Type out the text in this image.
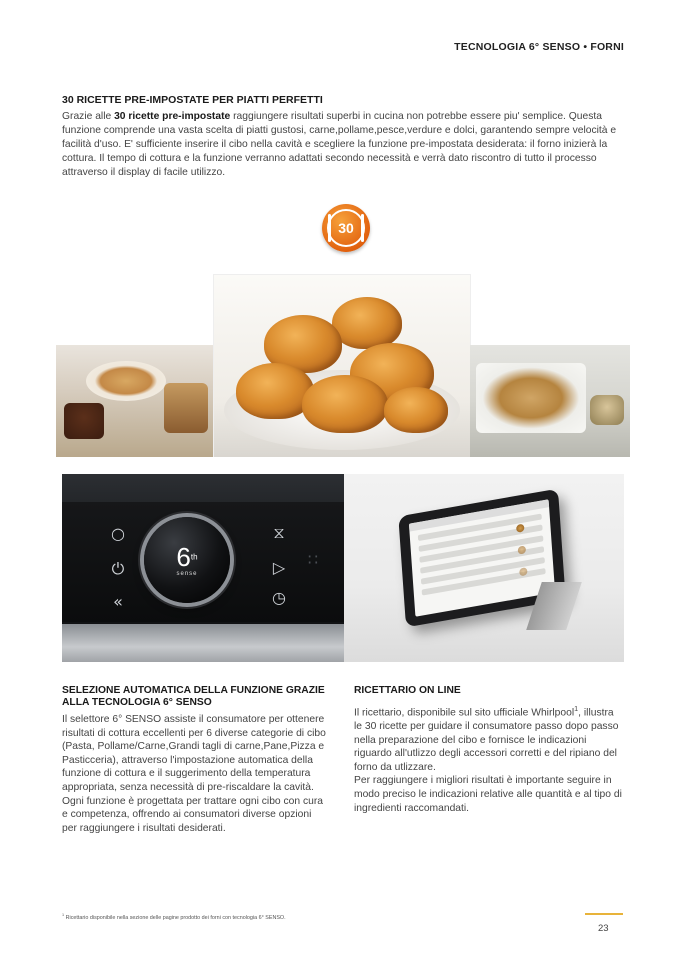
TECNOLOGIA 6° SENSO • FORNI
30 RICETTE PRE-IMPOSTATE PER PIATTI PERFETTI
Grazie alle 30 ricette pre-impostate raggiungere risultati superbi in cucina non potrebbe essere piu' semplice. Questa funzione comprende una vasta scelta di piatti gustosi, carne,pollame,pesce,verdure e dolci, garantendo sempre velocità e facilità d'uso. E' sufficiente inserire il cibo nella cavità e scegliere la funzione pre-impostata desiderata: il forno inizierà la cottura. Il tempo di cottura e la funzione verranno adattati secondo necessità e verrà dato riscontro di tutto il processo attraverso il display di facile utilizzo.
30
○
⏻
«
6th
sense
⧖
▷
◷
∷
SELEZIONE AUTOMATICA DELLA FUNZIONE GRAZIE
ALLA TECNOLOGIA 6° SENSO
Il selettore 6° SENSO assiste il consumatore per ottenere risultati di cottura eccellenti per 6 diverse categorie di cibo (Pasta, Pollame/Carne,Grandi tagli di carne,Pane,Pizza e Pasticceria), attraverso l'impostazione automatica della funzione di cottura e il suggerimento della temperatura appropriata, senza necessità di pre-riscaldare la cavità. Ogni funzione è progettata per trattare ogni cibo con cura e competenza, offrendo ai consumatori diverse opzioni per raggiungere i risultati desiderati.
RICETTARIO ON LINE
Il ricettario, disponibile sul sito ufficiale Whirlpool$^1$, illustra le 30 ricette per guidare il consumatore passo dopo passo nella preparazione del cibo e fornisce le indicazioni riguardo all'utlizzo degli accessori corretti e del ripiano del forno da utlizzare.
Per raggiungere i migliori risultati è importante seguire in modo preciso le indicazioni relative alle quantità e al tipo di ingredienti raccomandati.
$^1$ Ricettario disponibile nella sezione delle pagine prodotto dei forni con tecnologia 6° SENSO.
23
